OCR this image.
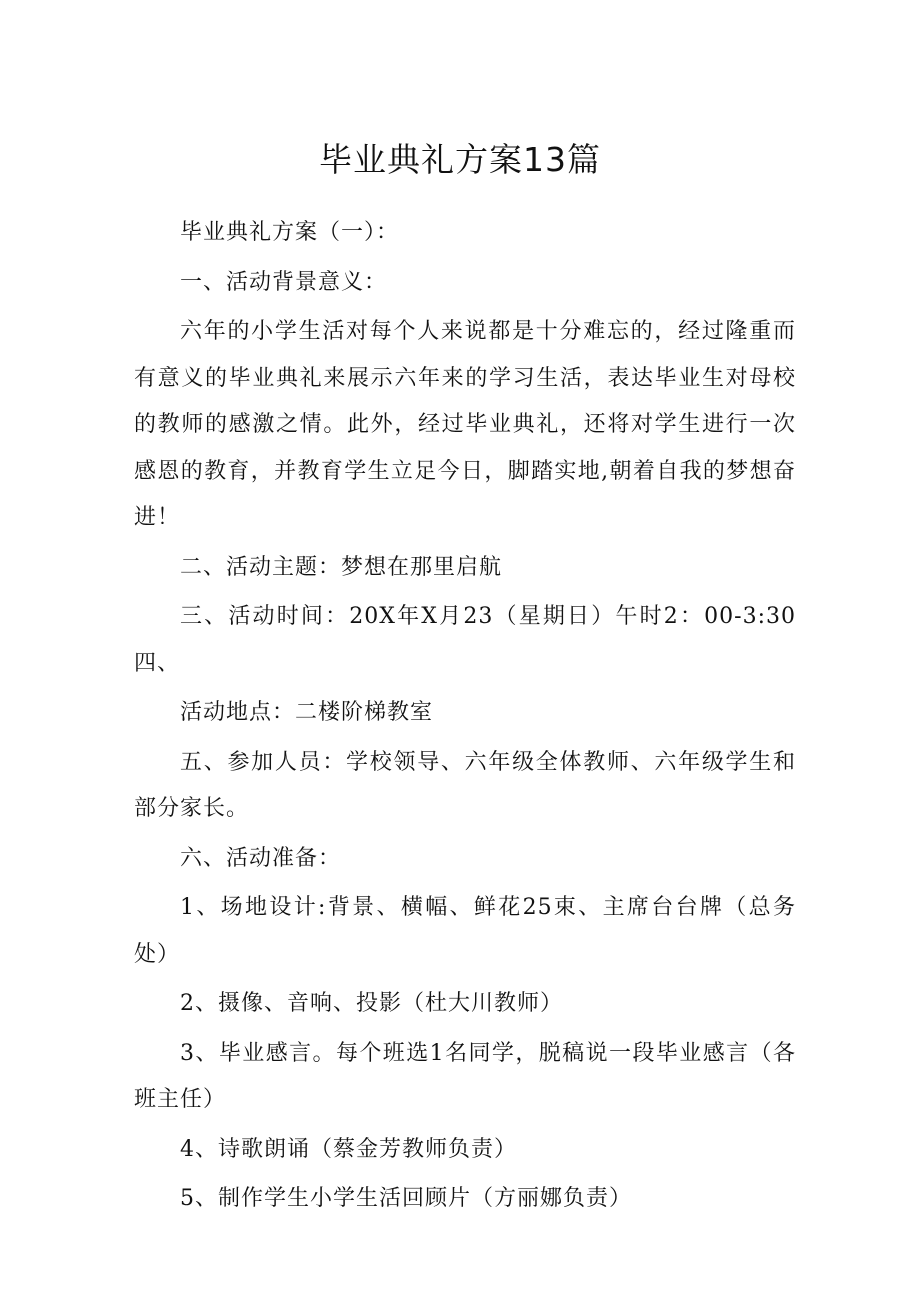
毕业典礼方案13篇

毕业典礼方案（一）：

一、活动背景意义：

六年的小学生活对每个人来说都是十分难忘的，经过隆重而有意义的毕业典礼来展示六年来的学习生活，表达毕业生对母校的教师的感激之情。此外，经过毕业典礼，还将对学生进行一次感恩的教育，并教育学生立足今日，脚踏实地,朝着自我的梦想奋进！

二、活动主题：梦想在那里启航

三、活动时间：20X年X月23（星期日）午时2：00-3:30四、

活动地点：二楼阶梯教室

五、参加人员：学校领导、六年级全体教师、六年级学生和部分家长。

六、活动准备：

1、场地设计:背景、横幅、鲜花25束、主席台台牌（总务处）

2、摄像、音响、投影（杜大川教师）

3、毕业感言。每个班选1名同学，脱稿说一段毕业感言（各班主任）

4、诗歌朗诵（蔡金芳教师负责）

5、制作学生小学生活回顾片（方丽娜负责）
